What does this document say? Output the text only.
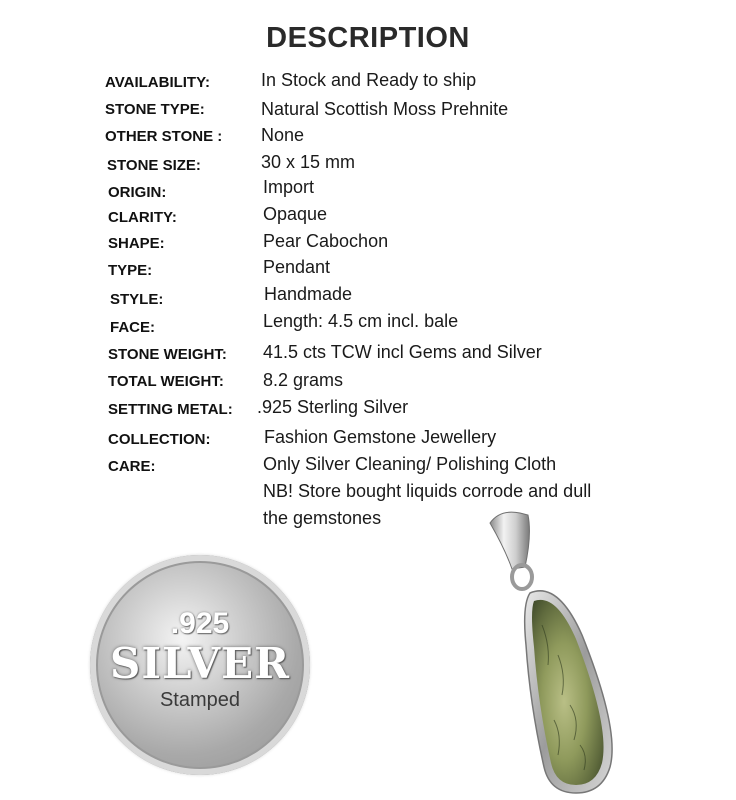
DESCRIPTION
AVAILABILITY:	In Stock and Ready to ship
STONE TYPE:	Natural Scottish Moss Prehnite
OTHER STONE : None
STONE SIZE:	30 x 15 mm
ORIGIN:	Import
CLARITY:	Opaque
SHAPE:	Pear Cabochon
TYPE:	Pendant
STYLE:	Handmade
FACE:	Length: 4.5 cm incl. bale
STONE WEIGHT: 41.5 cts TCW incl Gems and Silver
TOTAL WEIGHT: 8.2 grams
SETTING METAL: .925 Sterling Silver
COLLECTION:	Fashion Gemstone Jewellery
CARE:	Only Silver Cleaning/ Polishing Cloth
NB! Store bought liquids corrode and dull
the gemstones
.925
SILVER
Stamped
